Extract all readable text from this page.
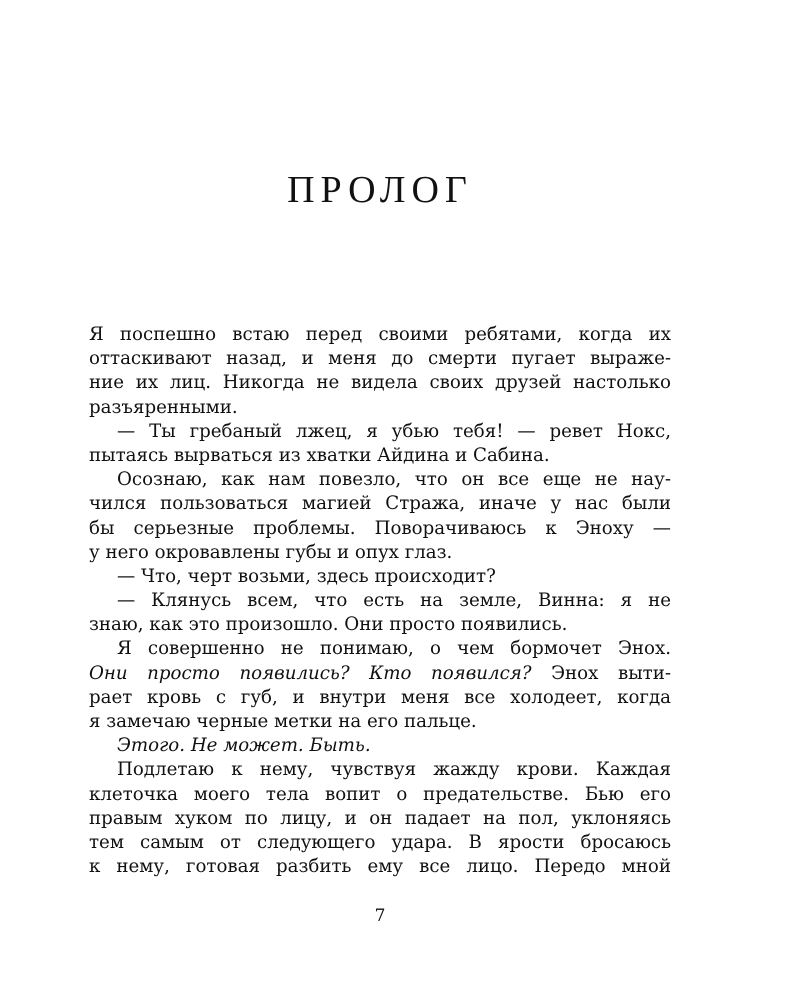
ПРОЛОГ
Я поспешно встаю перед своими ребятами, когда их
оттаскивают назад, и меня до смерти пугает выраже-
ние их лиц. Никогда не видела своих друзей настолько
разъяренными.
— Ты гребаный лжец, я убью тебя! — ревет Нокс,
пытаясь вырваться из хватки Айдина и Сабина.
Осознаю, как нам повезло, что он все еще не нау-
чился пользоваться магией Стража, иначе у нас были
бы серьезные проблемы. Поворачиваюсь к Эноху —
у него окровавлены губы и опух глаз.
— Что, черт возьми, здесь происходит?
— Клянусь всем, что есть на земле, Винна: я не
знаю, как это произошло. Они просто появились.
Я совершенно не понимаю, о чем бормочет Энох.
Они просто появились? Кто появился? Энох выти-
рает кровь с губ, и внутри меня все холодеет, когда
я замечаю черные метки на его пальце.
Этого. Не может. Быть.
Подлетаю к нему, чувствуя жажду крови. Каждая
клеточка моего тела вопит о предательстве. Бью его
правым хуком по лицу, и он падает на пол, уклоняясь
тем самым от следующего удара. В ярости бросаюсь
к нему, готовая разбить ему все лицо. Передо мной
7
